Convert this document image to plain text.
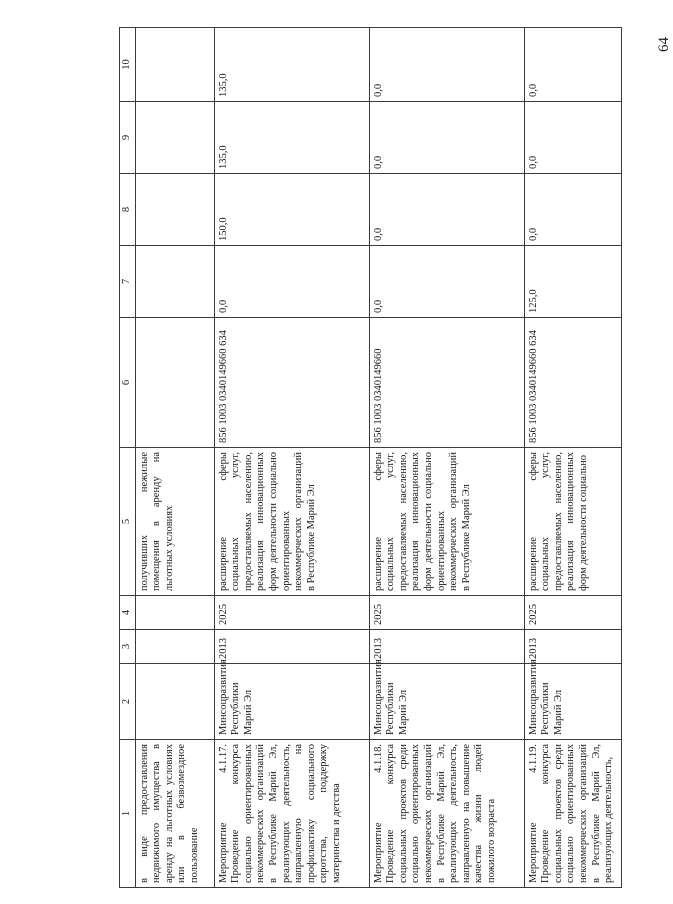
64
1	2	3	4	5	6	7	8	9	10
в виде предоставления недвижимого имущества в аренду на льготных условиях или в безвозмездное пользование				получивших нежилые помещения в аренду на льготных условиях					
Мероприятие 4.1.17. Проведение конкурса социально ориентированных некоммерческих организаций в Республике Марий Эл, реализующих деятельность, направленную на профилактику социального сиротства, поддержку материнства и детства	Минсоцразвития Республики Марий Эл	2013	2025	расширение сферы социальных услуг, предоставляемых населению, реализация инновационных форм деятельности социально ориентированных некоммерческих организаций в Республике Марий Эл	856 1003 0340149660 634	0,0	150,0	135,0	135,0
Мероприятие 4.1.18. Проведение конкурса социальных проектов среди социально ориентированных некоммерческих организаций в Республике Марий Эл, реализующих деятельность, направленную на повышение качества жизни людей пожилого возраста	Минсоцразвития Республики Марий Эл	2013	2025	расширение сферы социальных услуг, предоставляемых населению, реализация инновационных форм деятельности социально ориентированных некоммерческих организаций в Республике Марий Эл	856 1003 0340149660	0,0	0,0	0,0	0,0
Мероприятие 4.1.19. Проведение конкурса социальных проектов среди социально ориентированных некоммерческих организаций в Республике Марий Эл, реализующих деятельность,	Минсоцразвития Республики Марий Эл	2013	2025	расширение сферы социальных услуг, предоставляемых населению, реализация инновационных форм деятельности социально	856 1003 0340149660 634	125,0	0,0	0,0	0,0
